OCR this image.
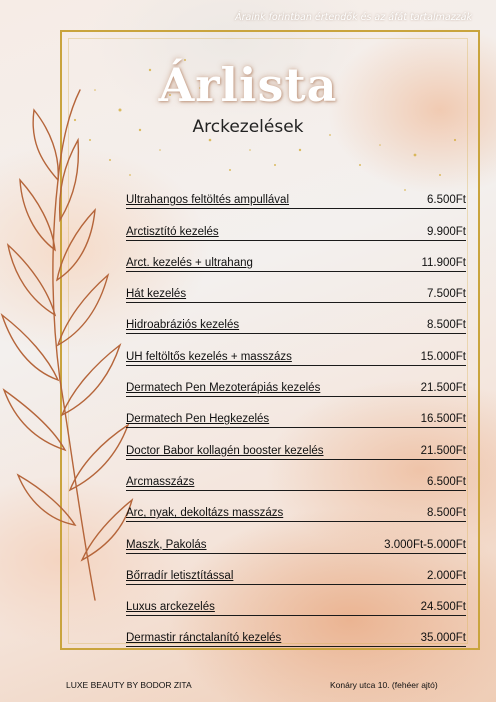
Áraink forintban értendők és az áfát tartalmazzák
Árlista
Arckezelések
Ultrahangos feltöltés ampullával	6.500Ft
Arctisztító kezelés	9.900Ft
Arct. kezelés + ultrahang	11.900Ft
Hát kezelés	7.500Ft
Hidroabráziós kezelés	8.500Ft
UH feltöltős kezelés + masszázs	15.000Ft
Dermatech Pen Mezoterápiás kezelés	21.500Ft
Dermatech Pen Hegkezelés	16.500Ft
Doctor Babor kollagén booster kezelés	21.500Ft
Arcmasszázs	6.500Ft
Arc, nyak, dekoltázs masszázs	8.500Ft
Maszk, Pakolás	3.000Ft-5.000Ft
Bőrradír letisztítással	2.000Ft
Luxus arckezelés	24.500Ft
Dermastir ránctalanító kezelés	35.000Ft
LUXE BEAUTY BY BODOR ZITA	Konáry utca 10. (fehéer ajtó)
